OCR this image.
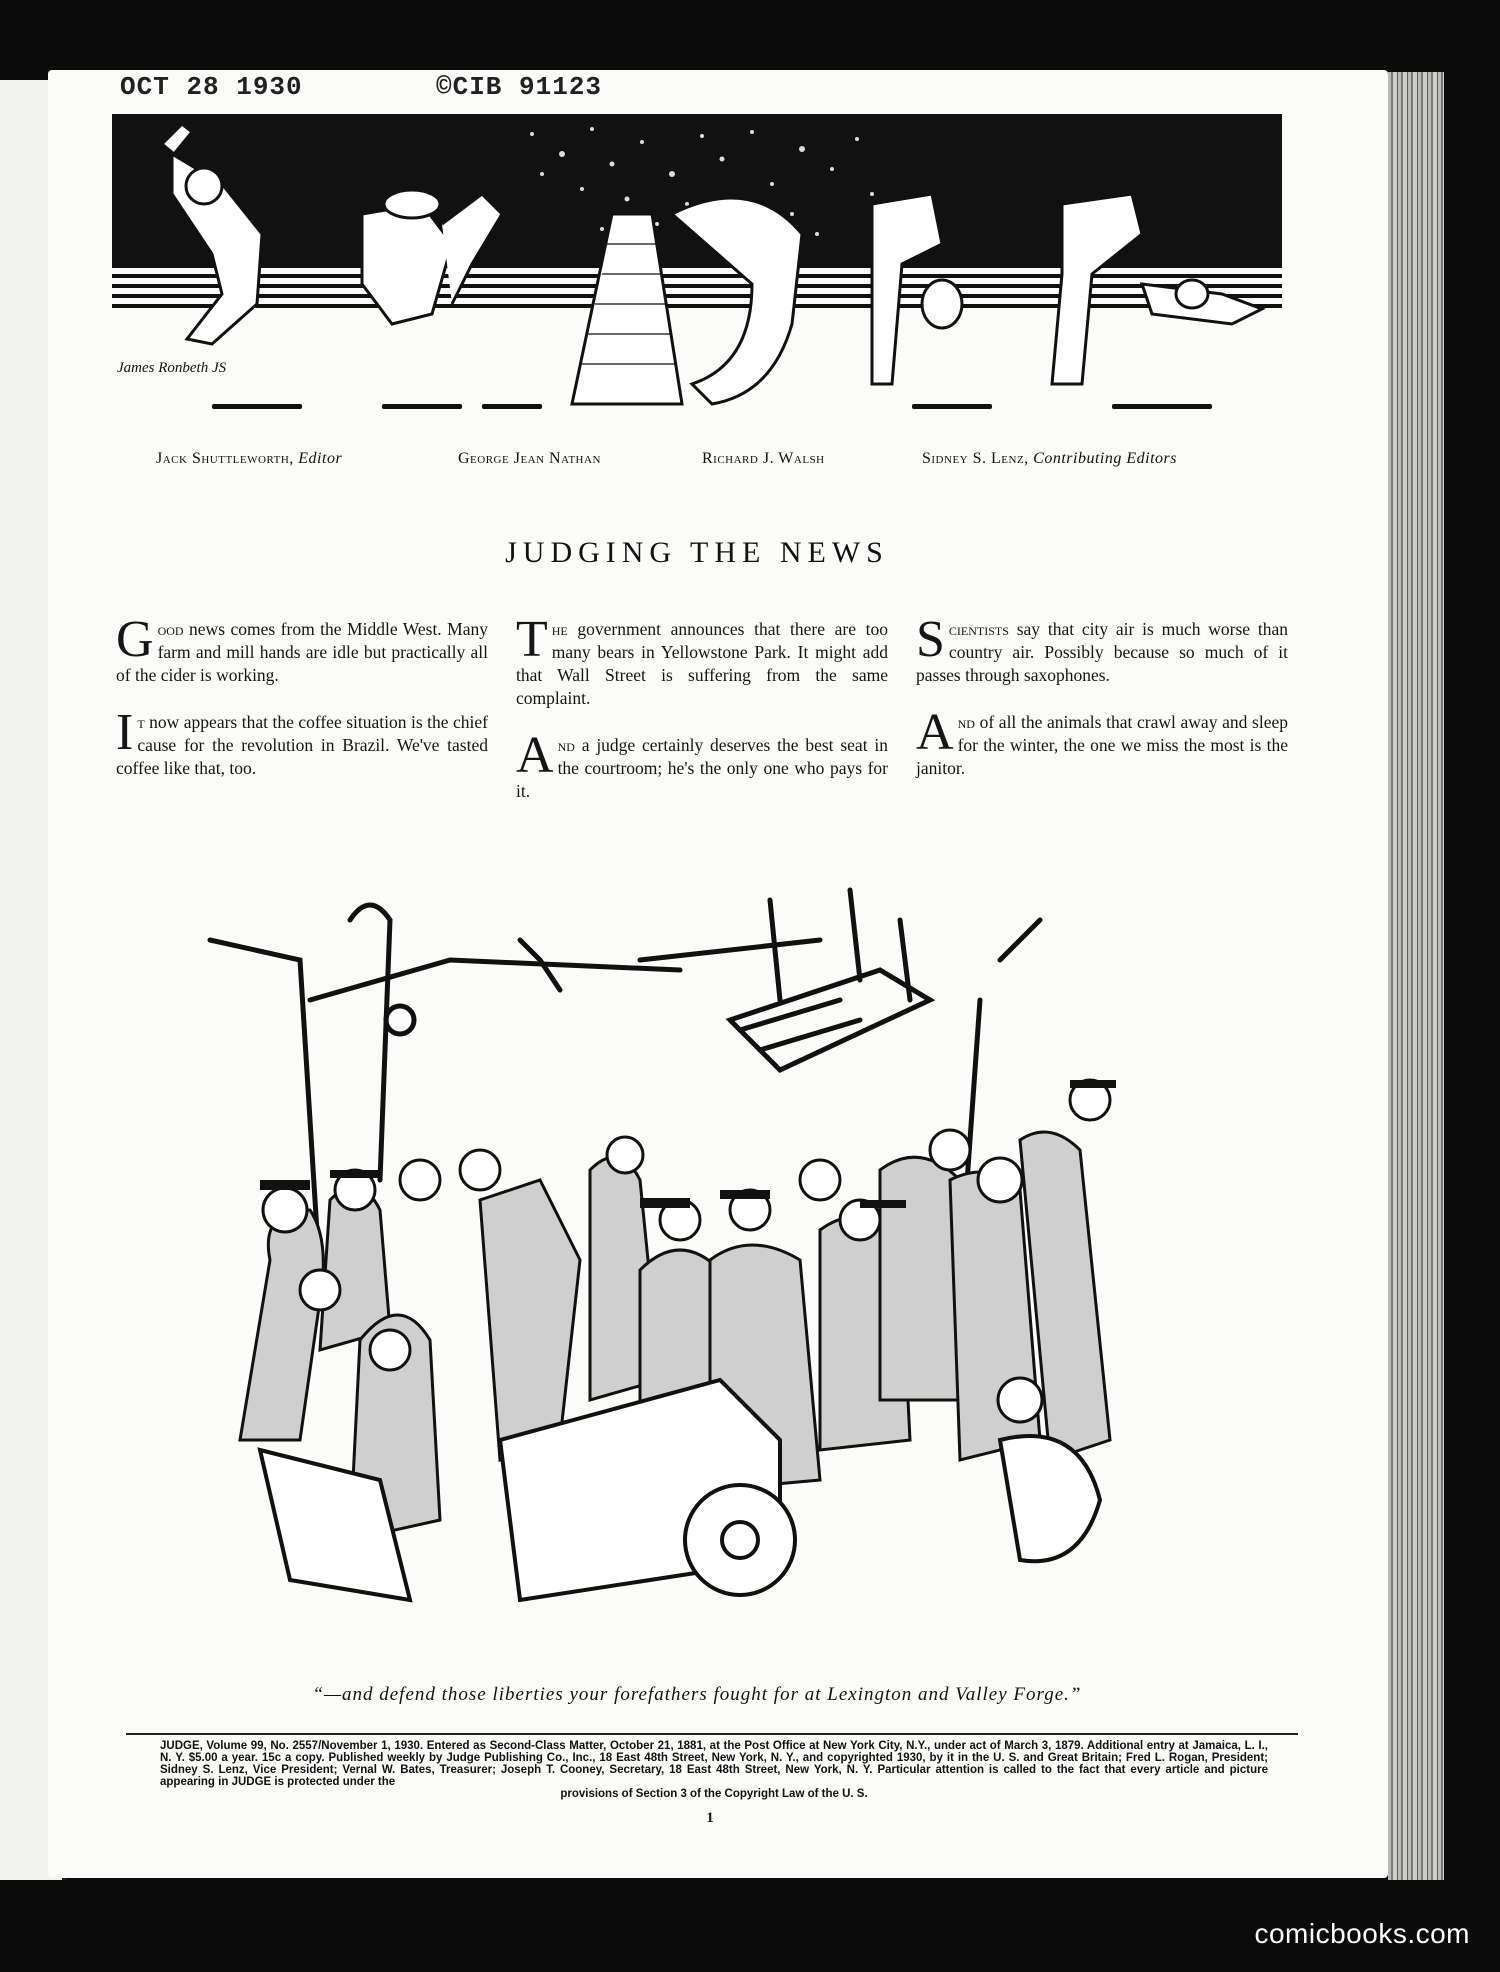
OCT 28 1930	©CIB 91123
James Ronbeth JS
Jack Shuttleworth, Editor	George Jean Nathan	Richard J. Walsh	Sidney S. Lenz, Contributing Editors
JUDGING THE NEWS

Good news comes from the Middle West. Many farm and mill hands are idle but practically all of the cider is working.

It now appears that the coffee situation is the chief cause for the revolution in Brazil. We've tasted coffee like that, too.

The government announces that there are too many bears in Yellowstone Park. It might add that Wall Street is suffering from the same complaint.

And a judge certainly deserves the best seat in the courtroom; he's the only one who pays for it.

Scientists say that city air is much worse than country air. Possibly because so much of it passes through saxophones.

And of all the animals that crawl away and sleep for the winter, the one we miss the most is the janitor.

“—and defend those liberties your forefathers fought for at Lexington and Valley Forge.”
JUDGE, Volume 99, No. 2557/November 1, 1930. Entered as Second-Class Matter, October 21, 1881, at the Post Office at New York City, N.Y., under act of March 3, 1879. Additional entry at Jamaica, L. I., N. Y. $5.00 a year. 15c a copy. Published weekly by Judge Publishing Co., Inc., 18 East 48th Street, New York, N. Y., and copyrighted 1930, by it in the U. S. and Great Britain; Fred L. Rogan, President; Sidney S. Lenz, Vice President; Vernal W. Bates, Treasurer; Joseph T. Cooney, Secretary, 18 East 48th Street, New York, N. Y. Particular attention is called to the fact that every article and picture appearing in JUDGE is protected under the
provisions of Section 3 of the Copyright Law of the U. S.
1
comicbooks.com
